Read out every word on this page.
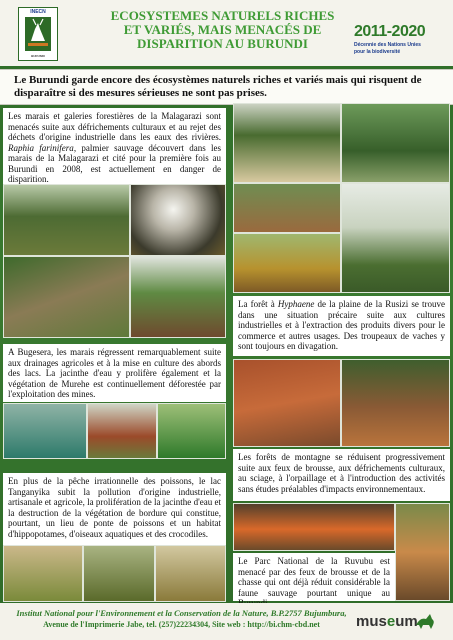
INECN
BURUNDI
ECOSYSTEMES NATURELS RICHES
ET VARIÉS, MAIS MENACÉS DE
DISPARITION AU BURUNDI
2011-2020
Décennie des Nations Unies
pour la biodiversité

Le Burundi garde encore des écosystèmes naturels riches et variés mais qui risquent de disparaître si des mesures sérieuses ne sont pas prises.

Les marais et galeries forestières de la Malagarazi sont menacés suite aux défrichements culturaux et au rejet des déchets d'origine industrielle dans les eaux des rivières. Raphia farinifera, palmier sauvage découvert dans les marais de la Malagarazi et cité pour la première fois au Burundi en 2008, est actuellement en danger de disparition.
La forêt à Hyphaene de la plaine de la Rusizi se trouve dans une situation précaire suite aux cultures industrielles et à l'extraction des produits divers pour le commerce et autres usages. Des troupeaux de vaches y sont toujours en divagation.
A Bugesera, les marais régressent remarquablement suite aux drainages agricoles et à la mise en culture des abords des lacs. La jacinthe d'eau y prolifère également et la végétation de Murehe est continuellement déforestée par l'exploitation des mines.
Les forêts de montagne se réduisent progressivement suite aux feux de brousse, aux défrichements culturaux, au sciage, à l'orpaillage et à l'introduction des activités sans études préalables d'impacts environnementaux.
En plus de la pêche irrationnelle des poissons, le lac Tanganyika subit la pollution d'origine industrielle, artisanale et agricole, la prolifération de la jacinthe d'eau et la destruction de la végétation de bordure qui constitue, pourtant, un lieu de ponte de poissons et un habitat d'hippopotames, d'oiseaux aquatiques et des crocodiles.
Le Parc National de la Ruvubu est menacé par des feux de brousse et de la chasse qui ont déjà réduit considérable la faune sauvage pourtant unique au
Institut National pour l'Environnement et la Conservation de la Nature, B.P.2757 Bujumbura,
Avenue de l'Imprimerie Jabe, tel. (257)22234304, Site web : http://bi.chm-cbd.net	museum
